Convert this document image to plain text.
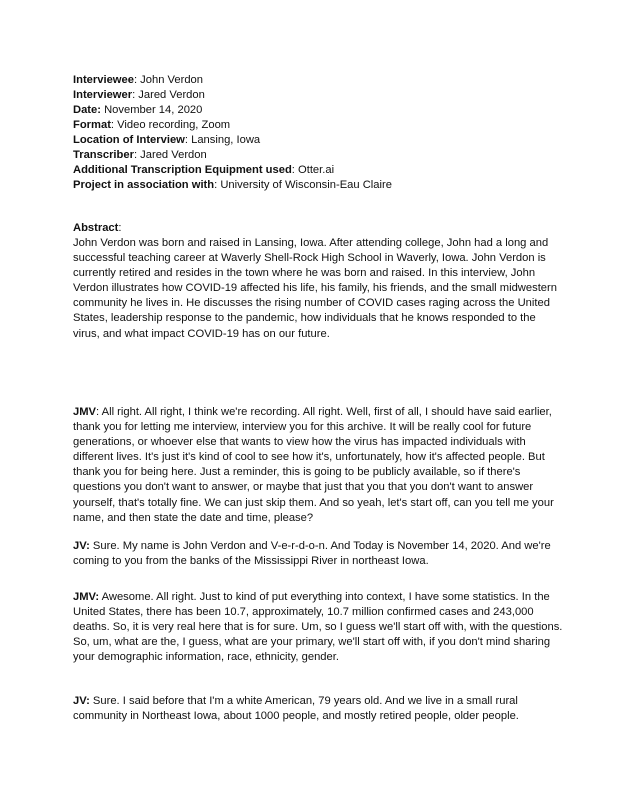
Interviewee: John Verdon
Interviewer: Jared Verdon
Date: November 14, 2020
Format: Video recording, Zoom
Location of Interview: Lansing, Iowa
Transcriber: Jared Verdon
Additional Transcription Equipment used: Otter.ai
Project in association with: University of Wisconsin-Eau Claire
Abstract:
John Verdon was born and raised in Lansing, Iowa. After attending college, John had a long and successful teaching career at Waverly Shell-Rock High School in Waverly, Iowa. John Verdon is currently retired and resides in the town where he was born and raised. In this interview, John Verdon illustrates how COVID-19 affected his life, his family, his friends, and the small midwestern community he lives in. He discusses the rising number of COVID cases raging across the United States, leadership response to the pandemic, how individuals that he knows responded to the virus, and what impact COVID-19 has on our future.
JMV: All right. All right, I think we're recording. All right. Well, first of all, I should have said earlier, thank you for letting me interview, interview you for this archive. It will be really cool for future generations, or whoever else that wants to view how the virus has impacted individuals with different lives. It's just it's kind of cool to see how it's, unfortunately, how it's affected people. But thank you for being here. Just a reminder, this is going to be publicly available, so if there's questions you don't want to answer, or maybe that just that you that you don't want to answer yourself, that's totally fine. We can just skip them. And so yeah, let's start off, can you tell me your name, and then state the date and time, please?
JV: Sure. My name is John Verdon and V-e-r-d-o-n. And Today is November 14, 2020. And we're coming to you from the banks of the Mississippi River in northeast Iowa.
JMV: Awesome. All right. Just to kind of put everything into context, I have some statistics. In the United States, there has been 10.7, approximately, 10.7 million confirmed cases and 243,000 deaths. So, it is very real here that is for sure. Um, so I guess we'll start off with, with the questions. So, um, what are the, I guess, what are your primary, we'll start off with, if you don't mind sharing your demographic information, race, ethnicity, gender.
JV: Sure. I said before that I'm a white American, 79 years old. And we live in a small rural community in Northeast Iowa, about 1000 people, and mostly retired people, older people.
